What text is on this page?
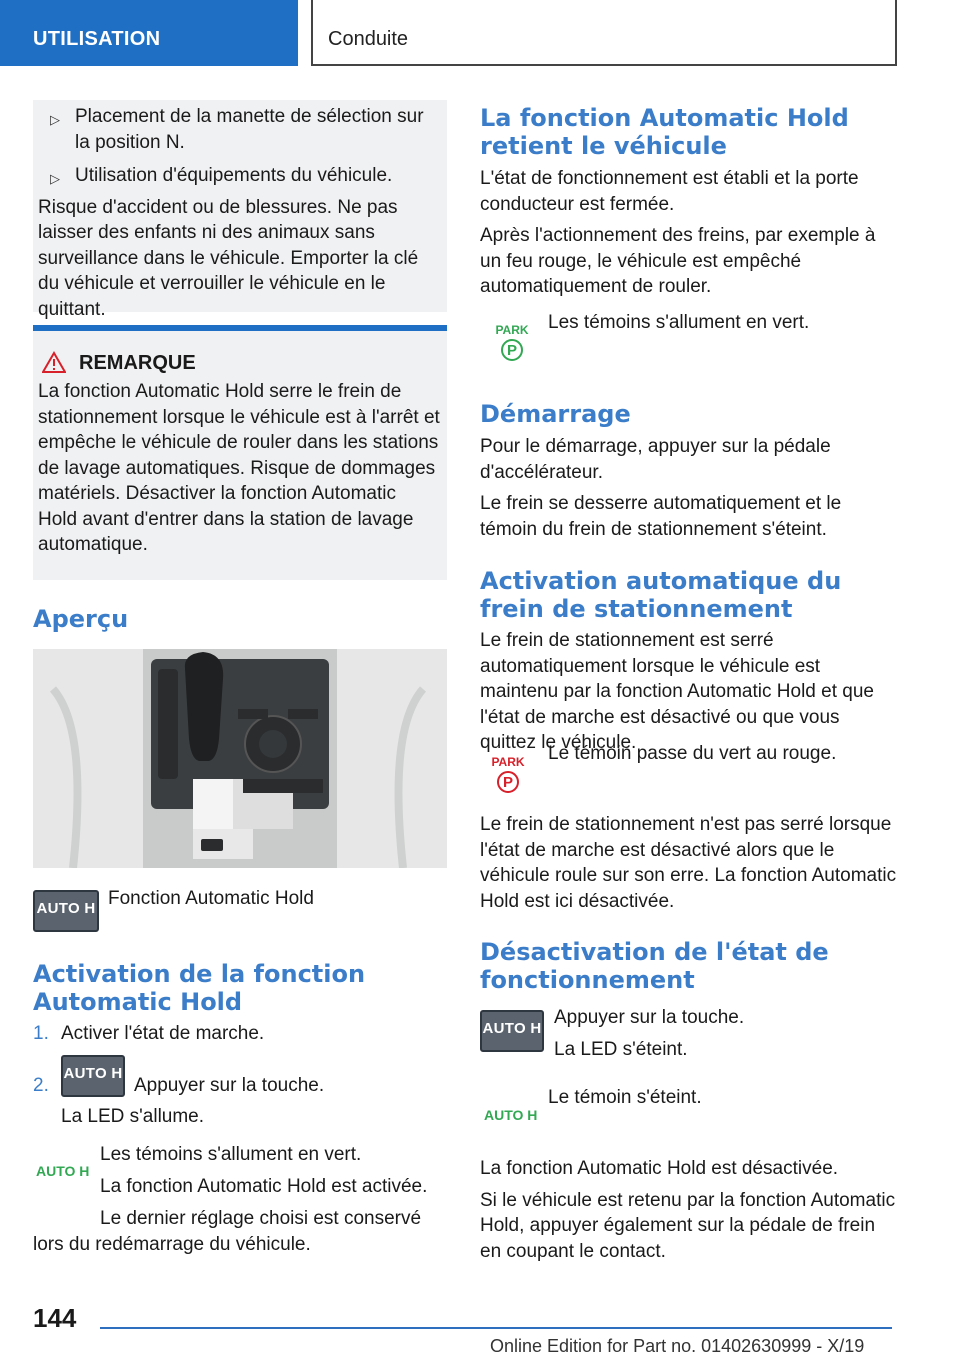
UTILISATION	Conduite
▷ Placement de la manette de sélection sur la position N.

▷ Utilisation d'équipements du véhicule.

Risque d'accident ou de blessures. Ne pas laisser des enfants ni des animaux sans surveillance dans le véhicule. Emporter la clé du véhicule et verrouiller le véhicule en le quittant.

REMARQUE

La fonction Automatic Hold serre le frein de stationnement lorsque le véhicule est à l'arrêt et empêche le véhicule de rouler dans les stations de lavage automatiques. Risque de dommages matériels. Désactiver la fonction Automatic Hold avant d'entrer dans la station de lavage automatique.

Aperçu
AUTO H Fonction Automatic Hold

Activation de la fonction Automatic Hold
1. Activer l'état de marche.

2.
AUTO H

Appuyer sur la touche.

La LED s'allume.

AUTO H

Les témoins s'allument en vert.

La fonction Automatic Hold est activée.

Le dernier réglage choisi est conservé lors du redémarrage du véhicule.

La fonction Automatic Hold retient le véhicule

L'état de fonctionnement est établi et la porte conducteur est fermée.

Après l'actionnement des freins, par exemple à un feu rouge, le véhicule est empêché automatiquement de rouler.

PARK
P

Les témoins s'allument en vert.

Démarrage

Pour le démarrage, appuyer sur la pédale d'accélérateur.

Le frein se desserre automatiquement et le témoin du frein de stationnement s'éteint.

Activation automatique du frein de stationnement

Le frein de stationnement est serré automatiquement lorsque le véhicule est maintenu par la fonction Automatic Hold et que l'état de marche est désactivé ou que vous quittez le véhicule.

PARK
P

Le témoin passe du vert au rouge.

Le frein de stationnement n'est pas serré lorsque l'état de marche est désactivé alors que le véhicule roule sur son erre. La fonction Automatic Hold est ici désactivée.

Désactivation de l'état de fonctionnement
AUTO H

Appuyer sur la touche.

La LED s'éteint.

AUTO H

Le témoin s'éteint.

La fonction Automatic Hold est désactivée.

Si le véhicule est retenu par la fonction Automatic Hold, appuyer également sur la pédale de frein en coupant le contact.

144
Online Edition for Part no. 01402630999 - X/19
